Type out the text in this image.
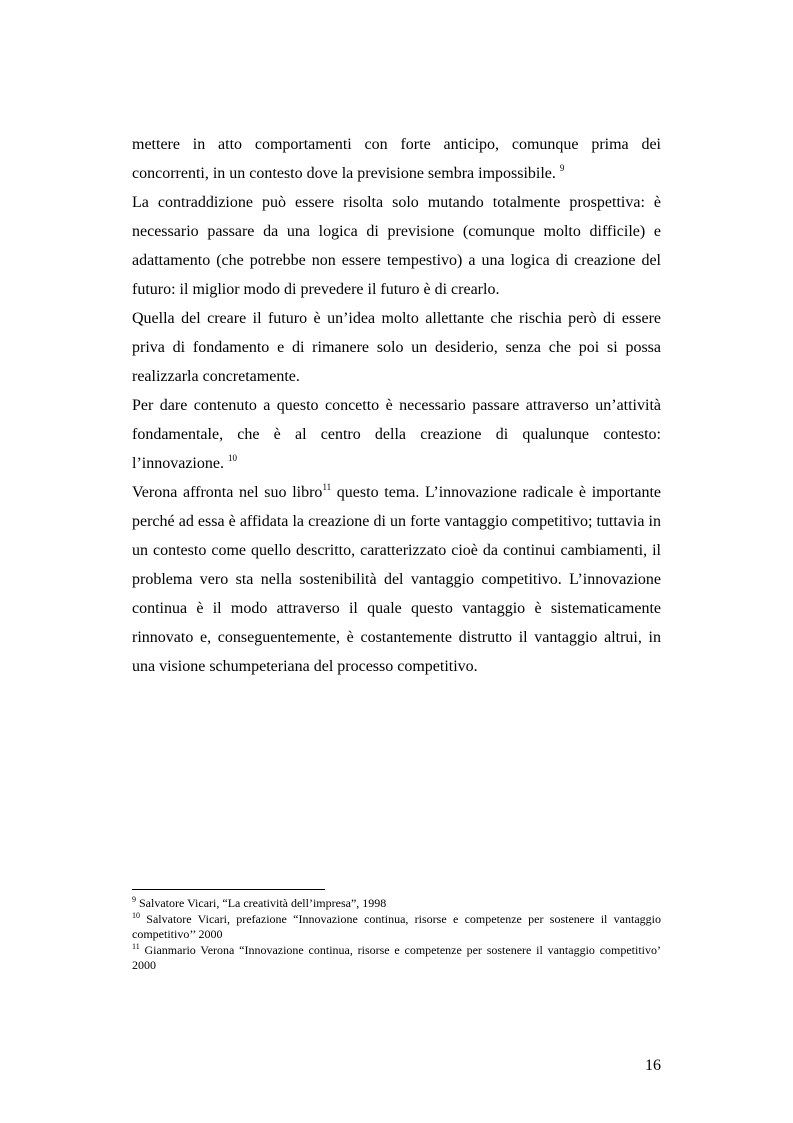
mettere in atto comportamenti con forte anticipo, comunque prima dei concorrenti, in un contesto dove la previsione sembra impossibile. $^9$

La contraddizione può essere risolta solo mutando totalmente prospettiva: è necessario passare da una logica di previsione (comunque molto difficile) e adattamento (che potrebbe non essere tempestivo) a una logica di creazione del futuro: il miglior modo di prevedere il futuro è di crearlo.

Quella del creare il futuro è un’idea molto allettante che rischia però di essere priva di fondamento e di rimanere solo un desiderio, senza che poi si possa realizzarla concretamente.

Per dare contenuto a questo concetto è necessario passare attraverso un’attività fondamentale, che è al centro della creazione di qualunque contesto: l’innovazione. $^{10}$

Verona affronta nel suo libro$^{11}$ questo tema. L’innovazione radicale è importante perché ad essa è affidata la creazione di un forte vantaggio competitivo; tuttavia in un contesto come quello descritto, caratterizzato cioè da continui cambiamenti, il problema vero sta nella sostenibilità del vantaggio competitivo. L’innovazione continua è il modo attraverso il quale questo vantaggio è sistematicamente rinnovato e, conseguentemente, è costantemente distrutto il vantaggio altrui, in una visione schumpeteriana del processo competitivo.

$^9$ Salvatore Vicari, “La creatività dell’impresa”, 1998

$^{10}$ Salvatore Vicari, prefazione “Innovazione continua, risorse e competenze per sostenere il vantaggio competitivo’’ 2000

$^{11}$ Gianmario Verona “Innovazione continua, risorse e competenze per sostenere il vantaggio competitivo’ 2000

16
